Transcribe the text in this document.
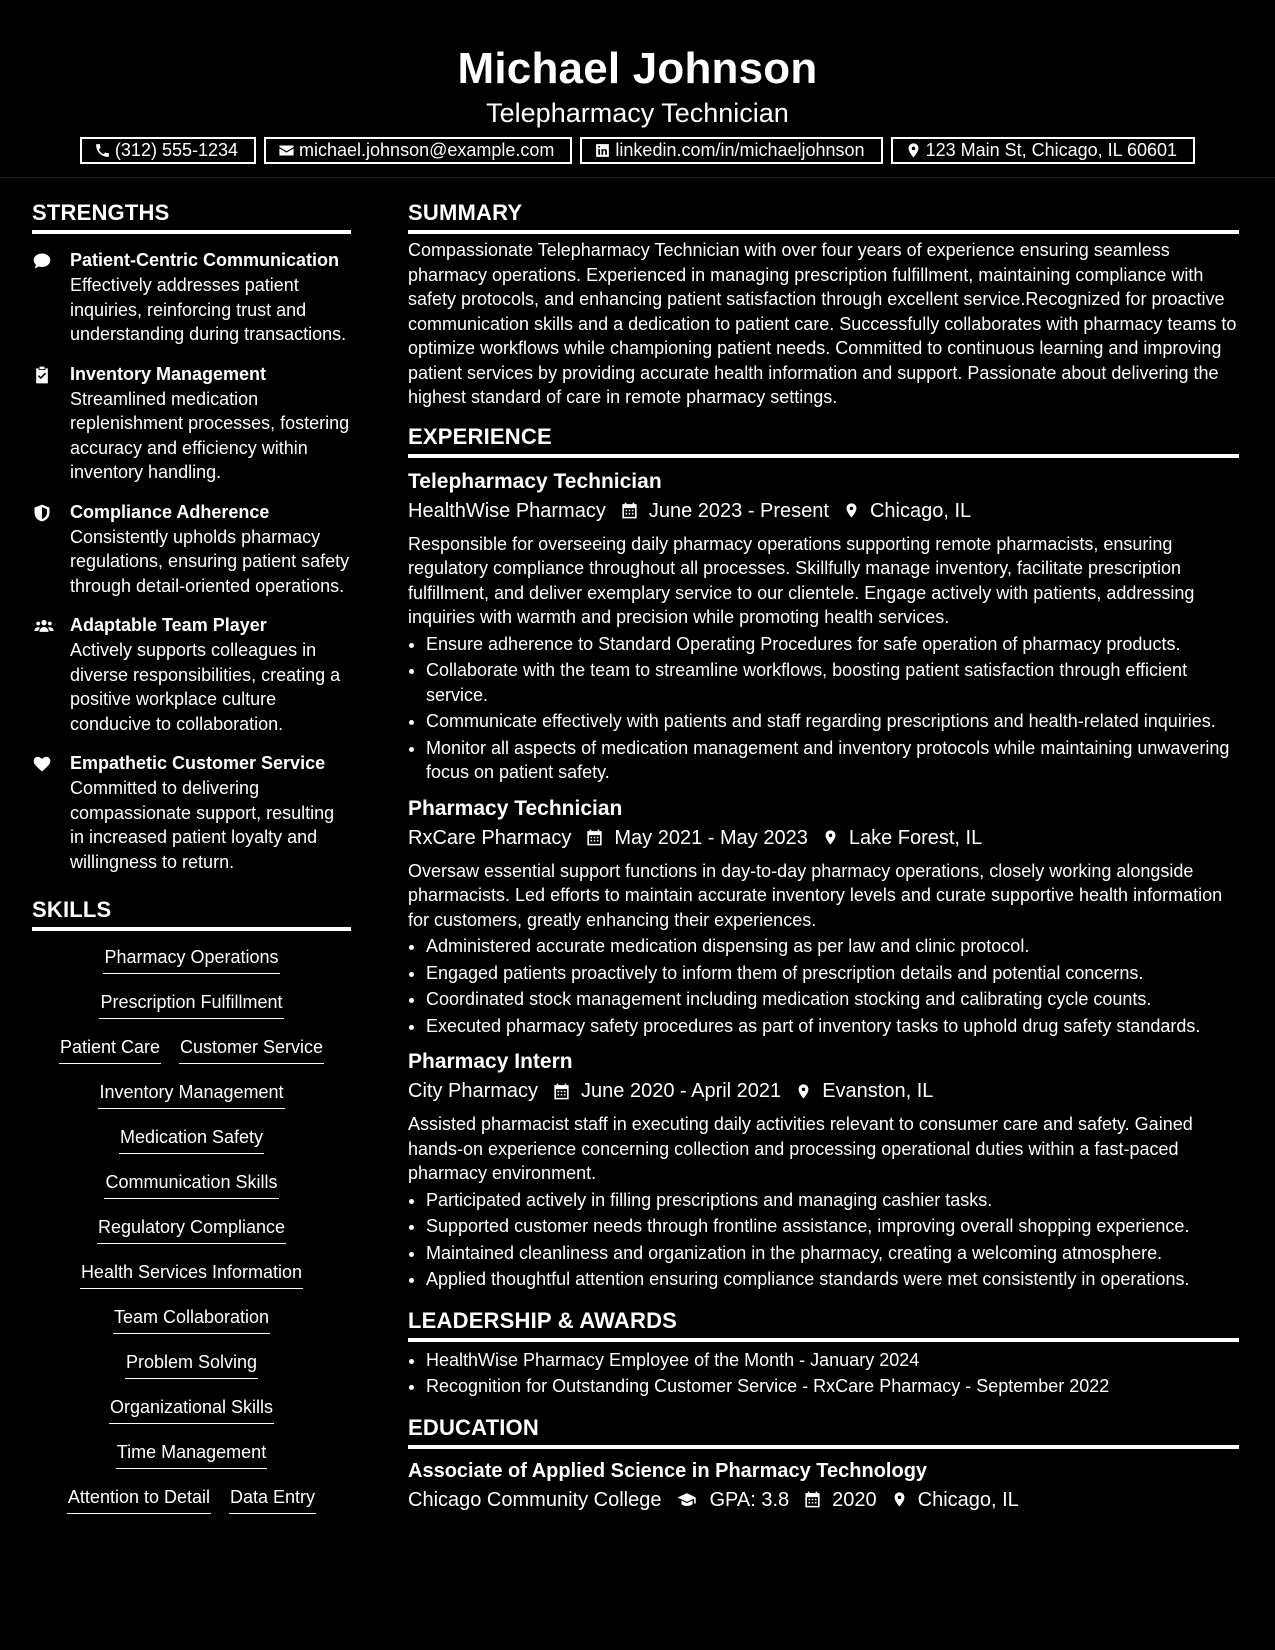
Michael Johnson
Telepharmacy Technician
(312) 555-1234	michael.johnson@example.com	linkedin.com/in/michaeljohnson	123 Main St, Chicago, IL 60601
STRENGTHS
Patient-Centric Communication
Effectively addresses patient inquiries, reinforcing trust and understanding during transactions.
Inventory Management
Streamlined medication replenishment processes, fostering accuracy and efficiency within inventory handling.
Compliance Adherence
Consistently upholds pharmacy regulations, ensuring patient safety through detail-oriented operations.
Adaptable Team Player
Actively supports colleagues in diverse responsibilities, creating a positive workplace culture conducive to collaboration.
Empathetic Customer Service
Committed to delivering compassionate support, resulting in increased patient loyalty and willingness to return.
SKILLS
Pharmacy Operations
Prescription Fulfillment
Patient Care Customer Service
Inventory Management
Medication Safety
Communication Skills
Regulatory Compliance
Health Services Information
Team Collaboration
Problem Solving
Organizational Skills
Time Management
Attention to Detail Data Entry
SUMMARY
Compassionate Telepharmacy Technician with over four years of experience ensuring seamless pharmacy operations. Experienced in managing prescription fulfillment, maintaining compliance with safety protocols, and enhancing patient satisfaction through excellent service.Recognized for proactive communication skills and a dedication to patient care. Successfully collaborates with pharmacy teams to optimize workflows while championing patient needs. Committed to continuous learning and improving patient services by providing accurate health information and support. Passionate about delivering the highest standard of care in remote pharmacy settings.
EXPERIENCE
Telepharmacy Technician
HealthWise Pharmacy June 2023 - Present Chicago, IL
Responsible for overseeing daily pharmacy operations supporting remote pharmacists, ensuring regulatory compliance throughout all processes. Skillfully manage inventory, facilitate prescription fulfillment, and deliver exemplary service to our clientele. Engage actively with patients, addressing inquiries with warmth and precision while promoting health services.
• Ensure adherence to Standard Operating Procedures for safe operation of pharmacy products.
• Collaborate with the team to streamline workflows, boosting patient satisfaction through efficient service.
• Communicate effectively with patients and staff regarding prescriptions and health-related inquiries.
• Monitor all aspects of medication management and inventory protocols while maintaining unwavering focus on patient safety.
Pharmacy Technician
RxCare Pharmacy May 2021 - May 2023 Lake Forest, IL
Oversaw essential support functions in day-to-day pharmacy operations, closely working alongside pharmacists. Led efforts to maintain accurate inventory levels and curate supportive health information for customers, greatly enhancing their experiences.
• Administered accurate medication dispensing as per law and clinic protocol.
• Engaged patients proactively to inform them of prescription details and potential concerns.
• Coordinated stock management including medication stocking and calibrating cycle counts.
• Executed pharmacy safety procedures as part of inventory tasks to uphold drug safety standards.
Pharmacy Intern
City Pharmacy June 2020 - April 2021 Evanston, IL
Assisted pharmacist staff in executing daily activities relevant to consumer care and safety. Gained hands-on experience concerning collection and processing operational duties within a fast-paced pharmacy environment.
• Participated actively in filling prescriptions and managing cashier tasks.
• Supported customer needs through frontline assistance, improving overall shopping experience.
• Maintained cleanliness and organization in the pharmacy, creating a welcoming atmosphere.
• Applied thoughtful attention ensuring compliance standards were met consistently in operations.
LEADERSHIP & AWARDS
• HealthWise Pharmacy Employee of the Month - January 2024
• Recognition for Outstanding Customer Service - RxCare Pharmacy - September 2022
EDUCATION
Associate of Applied Science in Pharmacy Technology
Chicago Community College GPA: 3.8 2020 Chicago, IL
